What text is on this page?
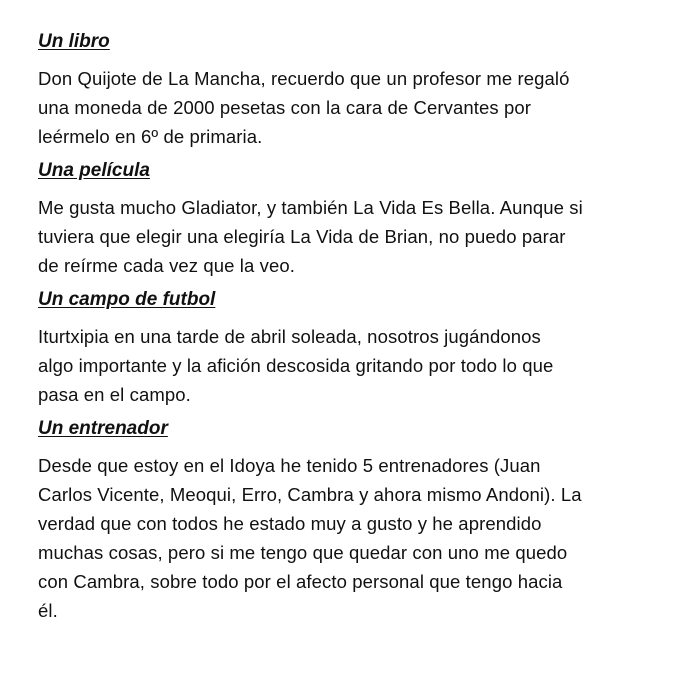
Un libro
Don Quijote de La Mancha, recuerdo que un profesor me regaló
una moneda de 2000 pesetas con la cara de Cervantes por
leérmelo en 6º de primaria.
Una película
Me gusta mucho Gladiator, y también La Vida Es Bella. Aunque si
tuviera que elegir una elegiría La Vida de Brian, no puedo parar
de reírme cada vez que la veo.
Un campo de futbol
Iturtxipia en una tarde de abril soleada, nosotros jugándonos
algo importante y la afición descosida gritando por todo lo que
pasa en el campo.
Un entrenador
Desde que estoy en el Idoya he tenido 5 entrenadores (Juan
Carlos Vicente, Meoqui, Erro, Cambra y ahora mismo Andoni). La
verdad que con todos he estado muy a gusto y he aprendido
muchas cosas, pero si me tengo que quedar con uno me quedo
con Cambra, sobre todo por el afecto personal que tengo hacia
él.
